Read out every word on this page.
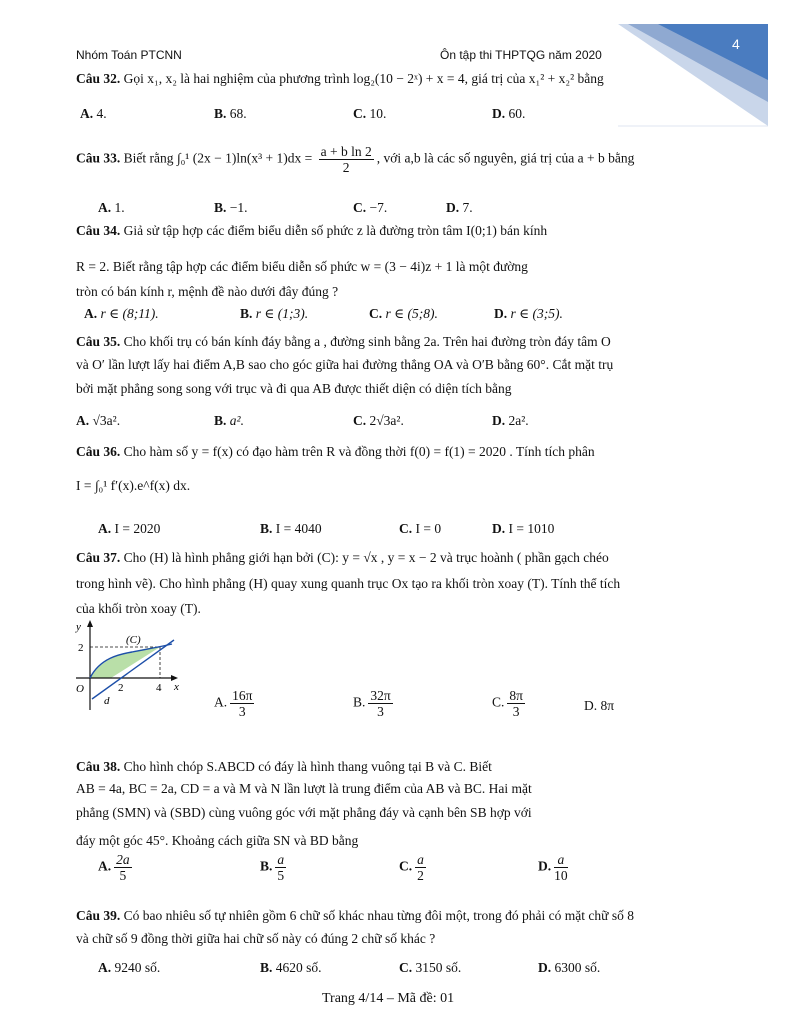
Nhóm Toán PTCNN	Ôn tập thi THPTQG năm 2020
4
Câu 32. Gọi x₁, x₂ là hai nghiệm của phương trình log₂(10 − 2ˣ) + x = 4, giá trị của x₁² + x₂² bằng
A. 4.	B. 68.	C. 10.	D. 60.
Câu 33. Biết rằng ∫₀¹ $(2x - 1)\ln(x^3 + 1)dx = \frac{\text{a + b ln 2}}{2}$ , với a,b là các số nguyên, giá trị của a + b bằng
A. 1.	B. −1.	C. −7.	D. 7.
Câu 34. Giả sử tập hợp các điểm biểu diễn số phức z là đường tròn tâm I(0;1) bán kính
R = 2. Biết rằng tập hợp các điểm biểu diễn số phức w = (3 − 4i)z + 1 là một đường
tròn có bán kính r, mệnh đề nào dưới đây đúng ?
A. r ∈ (8;11).	B. r ∈ (1;3).	C. r ∈ (5;8).	D. r ∈ (3;5).
Câu 35. Cho khối trụ có bán kính đáy bằng a , đường sinh bằng 2a. Trên hai đường tròn đáy tâm O
và O′ lần lượt lấy hai điểm A,B sao cho góc giữa hai đường thẳng OA và O′B bằng 60°. Cắt mặt trụ
bởi mặt phẳng song song với trục và đi qua AB được thiết diện có diện tích bằng
A. √3a².	B. a².	C. 2√3a².	D. 2a².
Câu 36. Cho hàm số y = f(x) có đạo hàm trên R và đồng thời f(0) = f(1) = 2020 . Tính tích phân
I = ∫₀¹ f′(x).e^f(x) dx.
A. I = 2020	B. I = 4040	C. I = 0	D. I = 1010
Câu 37. Cho (H) là hình phẳng giới hạn bởi (C): y = √x , y = x − 2 và trục hoành ( phần gạch chéo
trong hình vẽ). Cho hình phẳng (H) quay xung quanh trục Ox tạo ra khối tròn xoay (T). Tính thể tích
của khối tròn xoay (T).
y
x
O
2
2	4
(C)
d	A. $\frac{16\pi}{3}$	B. $\frac{32\pi}{3}$	C. $\frac{8\pi}{3}$	D. 8π
Câu 38. Cho hình chóp S.ABCD có đáy là hình thang vuông tại B và C. Biết
AB = 4a, BC = 2a, CD = a và M và N lần lượt là trung điểm của AB và BC. Hai mặt
phẳng (SMN) và (SBD) cùng vuông góc với mặt phẳng đáy và cạnh bên SB hợp với
đáy một góc 45°. Khoảng cách giữa SN và BD bằng
A. $\frac{2a}{5}$	B. $\frac{a}{5}$	C. $\frac{a}{2}$	D. $\frac{a}{10}$
Câu 39. Có bao nhiêu số tự nhiên gồm 6 chữ số khác nhau từng đôi một, trong đó phải có mặt chữ số 8
và chữ số 9 đồng thời giữa hai chữ số này có đúng 2 chữ số khác ?
A. 9240 số.	B. 4620 số.	C. 3150 số.	D. 6300 số.
Trang 4/14 – Mã đề: 01
